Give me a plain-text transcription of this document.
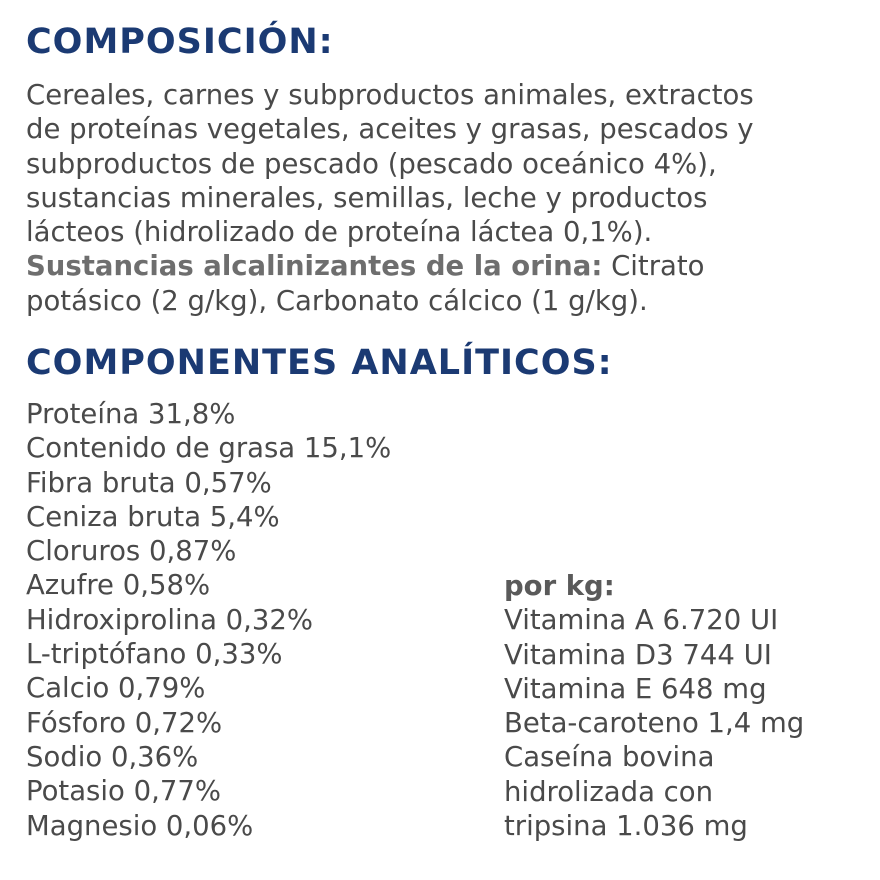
COMPOSICIÓN:

Cereales, carnes y subproductos animales, extractos
de proteínas vegetales, aceites y grasas, pescados y
subproductos de pescado (pescado oceánico 4%),
sustancias minerales, semillas, leche y productos
lácteos (hidrolizado de proteína láctea 0,1%).
Sustancias alcalinizantes de la orina: Citrato
potásico (2 g/kg), Carbonato cálcico (1 g/kg).

COMPONENTES ANALÍTICOS:
Proteína 31,8%
Contenido de grasa 15,1%
Fibra bruta 0,57%
Ceniza bruta 5,4%
Cloruros 0,87%
Azufre 0,58%
Hidroxiprolina 0,32%
L-triptófano 0,33%
Calcio 0,79%
Fósforo 0,72%
Sodio 0,36%
Potasio 0,77%
Magnesio 0,06%
por kg:
Vitamina A 6.720 UI
Vitamina D3 744 UI
Vitamina E 648 mg
Beta-caroteno 1,4 mg
Caseína bovina
hidrolizada con
tripsina 1.036 mg
